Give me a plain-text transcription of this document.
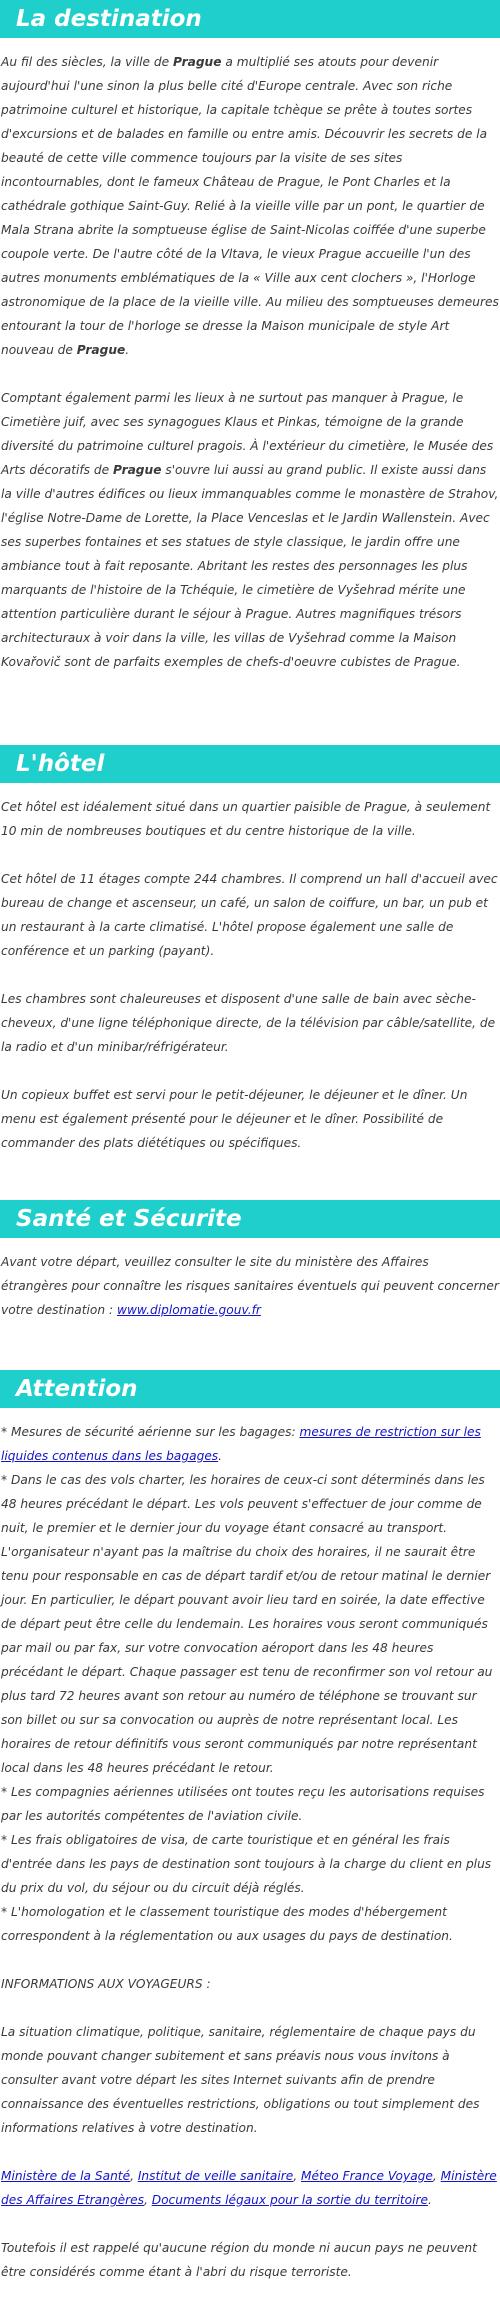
La destination

Au fil des siècles, la ville de Prague a multiplié ses atouts pour devenir aujourd'hui l'une sinon la plus belle cité d'Europe centrale. Avec son riche patrimoine culturel et historique, la capitale tchèque se prête à toutes sortes d'excursions et de balades en famille ou entre amis. Découvrir les secrets de la beauté de cette ville commence toujours par la visite de ses sites incontournables, dont le fameux Château de Prague, le Pont Charles et la cathédrale gothique Saint-Guy. Relié à la vieille ville par un pont, le quartier de Mala Strana abrite la somptueuse église de Saint-Nicolas coiffée d'une superbe coupole verte. De l'autre côté de la Vltava, le vieux Prague accueille l'un des autres monuments emblématiques de la « Ville aux cent clochers », l'Horloge astronomique de la place de la vieille ville. Au milieu des somptueuses demeures entourant la tour de l'horloge se dresse la Maison municipale de style Art nouveau de Prague.

Comptant également parmi les lieux à ne surtout pas manquer à Prague, le Cimetière juif, avec ses synagogues Klaus et Pinkas, témoigne de la grande diversité du patrimoine culturel pragois. À l'extérieur du cimetière, le Musée des Arts décoratifs de Prague s'ouvre lui aussi au grand public. Il existe aussi dans la ville d'autres édifices ou lieux immanquables comme le monastère de Strahov, l'église Notre-Dame de Lorette, la Place Venceslas et le Jardin Wallenstein. Avec ses superbes fontaines et ses statues de style classique, le jardin offre une ambiance tout à fait reposante. Abritant les restes des personnages les plus marquants de l'histoire de la Tchéquie, le cimetière de Vyšehrad mérite une attention particulière durant le séjour à Prague. Autres magnifiques trésors architecturaux à voir dans la ville, les villas de Vyšehrad comme la Maison Kovařovič sont de parfaits exemples de chefs-d'oeuvre cubistes de Prague.

L'hôtel

Cet hôtel est idéalement situé dans un quartier paisible de Prague, à seulement 10 min de nombreuses boutiques et du centre historique de la ville.

Cet hôtel de 11 étages compte 244 chambres. Il comprend un hall d'accueil avec bureau de change et ascenseur, un café, un salon de coiffure, un bar, un pub et un restaurant à la carte climatisé. L'hôtel propose également une salle de conférence et un parking (payant).

Les chambres sont chaleureuses et disposent d'une salle de bain avec sèche-cheveux, d'une ligne téléphonique directe, de la télévision par câble/satellite, de la radio et d'un minibar/réfrigérateur.

Un copieux buffet est servi pour le petit-déjeuner, le déjeuner et le dîner. Un menu est également présenté pour le déjeuner et le dîner. Possibilité de commander des plats diététiques ou spécifiques.

Santé et Sécurite

Avant votre départ, veuillez consulter le site du ministère des Affaires étrangères pour connaître les risques sanitaires éventuels qui peuvent concerner votre destination : www.diplomatie.gouv.fr

Attention

* Mesures de sécurité aérienne sur les bagages: mesures de restriction sur les liquides contenus dans les bagages.

* Dans le cas des vols charter, les horaires de ceux-ci sont déterminés dans les 48 heures précédant le départ. Les vols peuvent s'effectuer de jour comme de nuit, le premier et le dernier jour du voyage étant consacré au transport. L'organisateur n'ayant pas la maîtrise du choix des horaires, il ne saurait être tenu pour responsable en cas de départ tardif et/ou de retour matinal le dernier jour. En particulier, le départ pouvant avoir lieu tard en soirée, la date effective de départ peut être celle du lendemain. Les horaires vous seront communiqués par mail ou par fax, sur votre convocation aéroport dans les 48 heures précédant le départ. Chaque passager est tenu de reconfirmer son vol retour au plus tard 72 heures avant son retour au numéro de téléphone se trouvant sur son billet ou sur sa convocation ou auprès de notre représentant local. Les horaires de retour définitifs vous seront communiqués par notre représentant local dans les 48 heures précédant le retour.

* Les compagnies aériennes utilisées ont toutes reçu les autorisations requises par les autorités compétentes de l'aviation civile.

* Les frais obligatoires de visa, de carte touristique et en général les frais d'entrée dans les pays de destination sont toujours à la charge du client en plus du prix du vol, du séjour ou du circuit déjà réglés.

* L'homologation et le classement touristique des modes d'hébergement correspondent à la réglementation ou aux usages du pays de destination.

INFORMATIONS AUX VOYAGEURS :

La situation climatique, politique, sanitaire, réglementaire de chaque pays du monde pouvant changer subitement et sans préavis nous vous invitons à consulter avant votre départ les sites Internet suivants afin de prendre connaissance des éventuelles restrictions, obligations ou tout simplement des informations relatives à votre destination.

Ministère de la Santé, Institut de veille sanitaire, Méteo France Voyage, Ministère des Affaires Etrangères, Documents légaux pour la sortie du territoire.

Toutefois il est rappelé qu'aucune région du monde ni aucun pays ne peuvent être considérés comme étant à l'abri du risque terroriste.
